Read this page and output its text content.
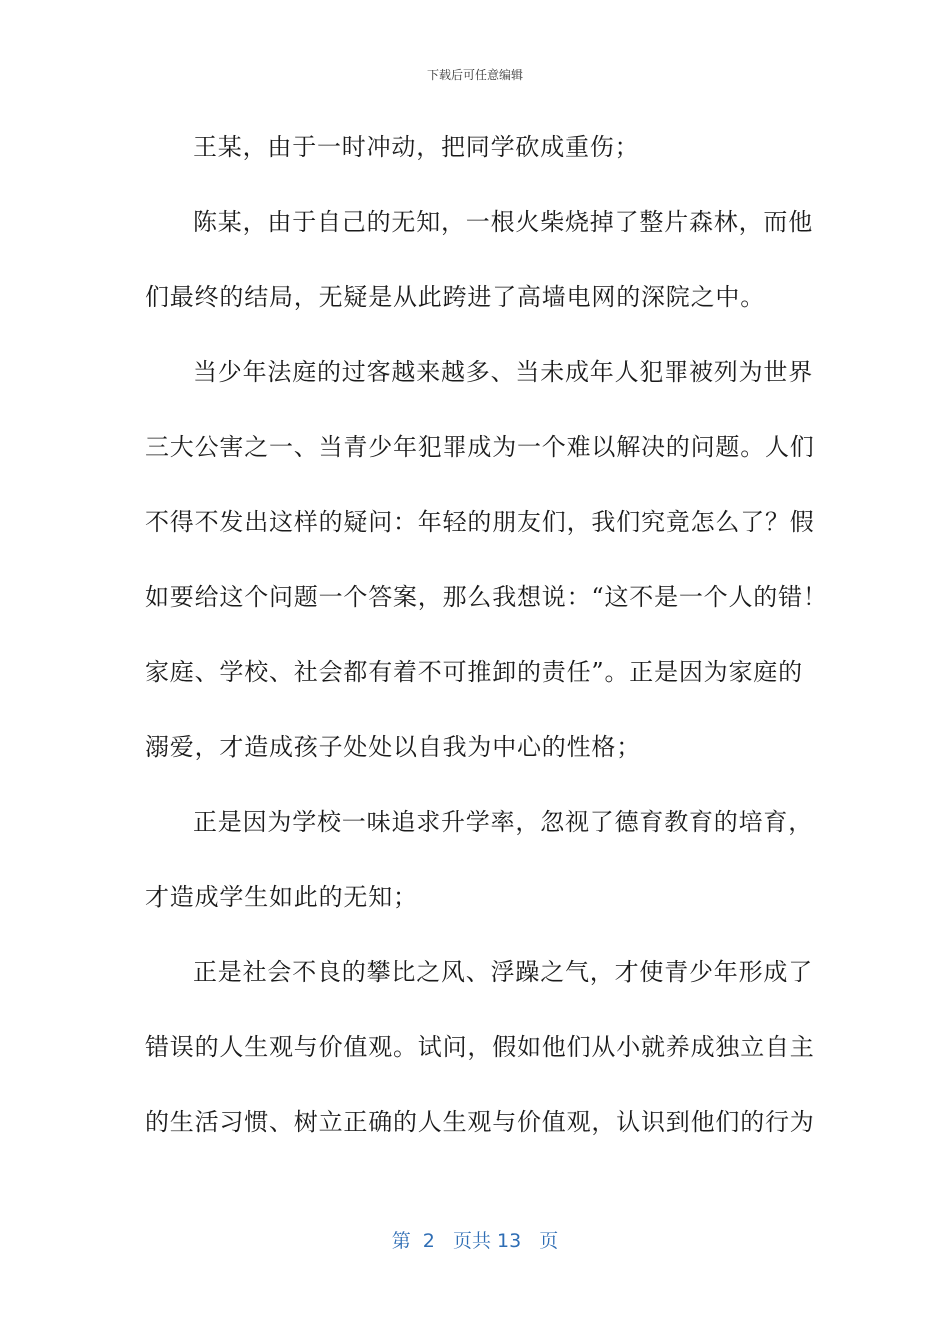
下载后可任意编辑
王某，由于一时冲动，把同学砍成重伤；
陈某，由于自己的无知，一根火柴烧掉了整片森林，而他
们最终的结局，无疑是从此跨进了高墙电网的深院之中。
当少年法庭的过客越来越多、当未成年人犯罪被列为世界
三大公害之一、当青少年犯罪成为一个难以解决的问题。人们
不得不发出这样的疑问：年轻的朋友们，我们究竟怎么了？假
如要给这个问题一个答案，那么我想说：“这不是一个人的错！
家庭、学校、社会都有着不可推卸的责任”。正是因为家庭的
溺爱，才造成孩子处处以自我为中心的性格；
正是因为学校一味追求升学率，忽视了德育教育的培育，
才造成学生如此的无知；
正是社会不良的攀比之风、浮躁之气，才使青少年形成了
错误的人生观与价值观。试问，假如他们从小就养成独立自主
的生活习惯、树立正确的人生观与价值观，认识到他们的行为
第  2   页共 13   页
